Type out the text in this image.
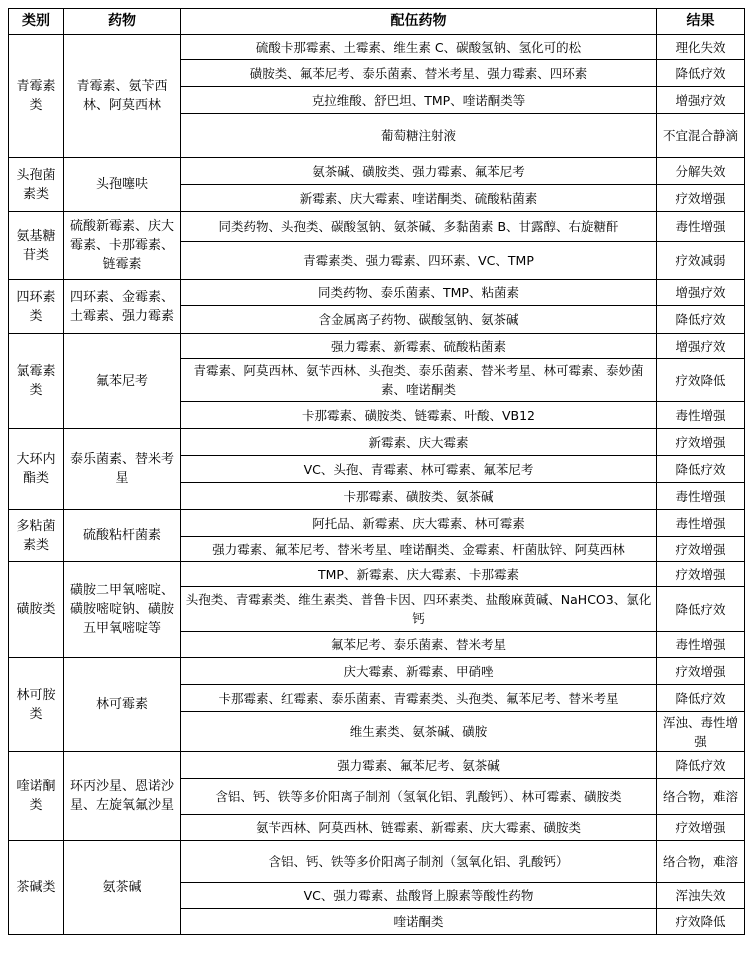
类别	药物	配伍药物	结果
青霉素类	青霉素、氨苄西林、阿莫西林	硫酸卡那霉素、土霉素、维生素 C、碳酸氢钠、氢化可的松	理化失效
		磺胺类、氟苯尼考、泰乐菌素、替米考星、强力霉素、四环素	降低疗效
		克拉维酸、舒巴坦、TMP、喹诺酮类等	增强疗效
		葡萄糖注射液	不宜混合静滴
头孢菌素类	头孢噻呋	氨茶碱、磺胺类、强力霉素、氟苯尼考	分解失效
		新霉素、庆大霉素、喹诺酮类、硫酸粘菌素	疗效增强
氨基糖苷类	硫酸新霉素、庆大霉素、卡那霉素、链霉素	同类药物、头孢类、碳酸氢钠、氨茶碱、多黏菌素 B、甘露醇、右旋糖酐	毒性增强
		青霉素类、强力霉素、四环素、VC、TMP	疗效减弱
四环素类	四环素、金霉素、土霉素、强力霉素	同类药物、泰乐菌素、TMP、粘菌素	增强疗效
		含金属离子药物、碳酸氢钠、氨茶碱	降低疗效
氯霉素类	氟苯尼考	强力霉素、新霉素、硫酸粘菌素	增强疗效
		青霉素、阿莫西林、氨苄西林、头孢类、泰乐菌素、替米考星、林可霉素、泰妙菌素、喹诺酮类	疗效降低
		卡那霉素、磺胺类、链霉素、叶酸、VB12	毒性增强
大环内酯类	泰乐菌素、替米考星	新霉素、庆大霉素	疗效增强
		VC、头孢、青霉素、林可霉素、氟苯尼考	降低疗效
		卡那霉素、磺胺类、氨茶碱	毒性增强
多粘菌素类	硫酸粘杆菌素	阿托品、新霉素、庆大霉素、林可霉素	毒性增强
		强力霉素、氟苯尼考、替米考星、喹诺酮类、金霉素、杆菌肽锌、阿莫西林	疗效增强
磺胺类	磺胺二甲氧嘧啶、磺胺嘧啶钠、磺胺五甲氧嘧啶等	TMP、新霉素、庆大霉素、卡那霉素	疗效增强
		头孢类、青霉素类、维生素类、普鲁卡因、四环素类、盐酸麻黄碱、NaHCO3、氯化钙	降低疗效
		氟苯尼考、泰乐菌素、替米考星	毒性增强
林可胺类	林可霉素	庆大霉素、新霉素、甲硝唑	疗效增强
		卡那霉素、红霉素、泰乐菌素、青霉素类、头孢类、氟苯尼考、替米考星	降低疗效
		维生素类、氨茶碱、磺胺	浑浊、毒性增强
喹诺酮类	环丙沙星、恩诺沙星、左旋氧氟沙星	强力霉素、氟苯尼考、氨茶碱	降低疗效
		含铝、钙、铁等多价阳离子制剂（氢氧化铝、乳酸钙）、林可霉素、磺胺类	络合物，难溶
		氨苄西林、阿莫西林、链霉素、新霉素、庆大霉素、磺胺类	疗效增强
茶碱类	氨茶碱	含铝、钙、铁等多价阳离子制剂（氢氧化铝、乳酸钙）	络合物，难溶
		VC、强力霉素、盐酸肾上腺素等酸性药物	浑浊失效
		喹诺酮类	疗效降低
